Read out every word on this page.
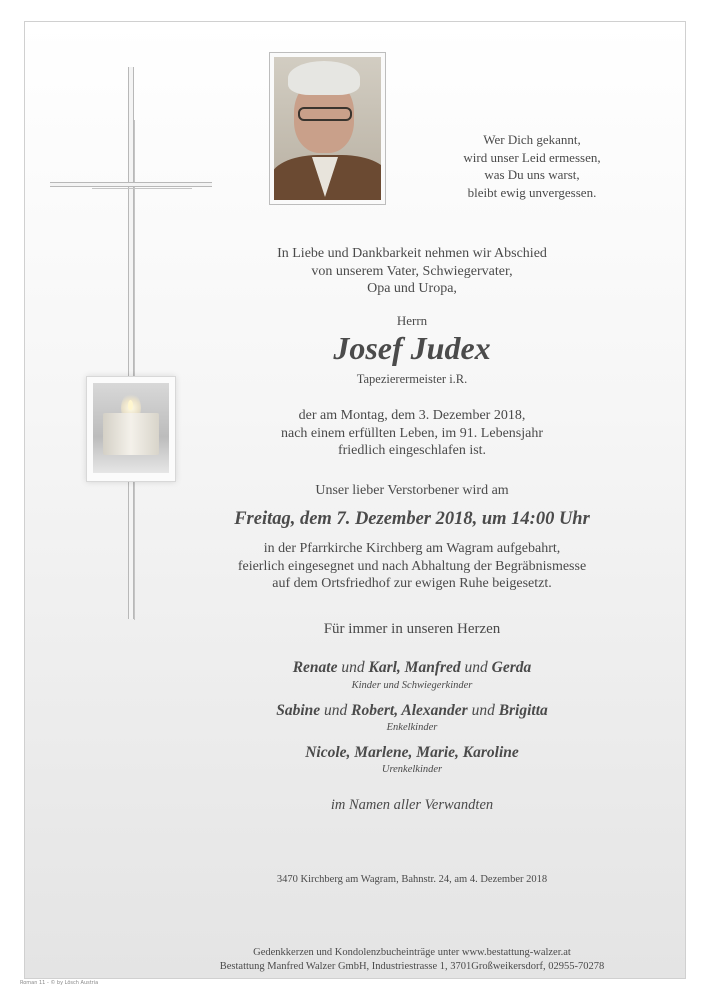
Wer Dich gekannt,
wird unser Leid ermessen,
was Du uns warst,
bleibt ewig unvergessen.
In Liebe und Dankbarkeit nehmen wir Abschied
von unserem Vater, Schwiegervater,
Opa und Uropa,
Herrn
Josef Judex
Tapezierermeister i.R.
der am Montag, dem 3. Dezember 2018,
nach einem erfüllten Leben, im 91. Lebensjahr
friedlich eingeschlafen ist.
Unser lieber Verstorbener wird am
Freitag, dem 7. Dezember 2018, um 14:00 Uhr
in der Pfarrkirche Kirchberg am Wagram aufgebahrt,
feierlich eingesegnet und nach Abhaltung der Begräbnismesse
auf dem Ortsfriedhof zur ewigen Ruhe beigesetzt.
Für immer in unseren Herzen
Renate und Karl, Manfred und Gerda
Kinder und Schwiegerkinder
Sabine und Robert, Alexander und Brigitta
Enkelkinder
Nicole, Marlene, Marie, Karoline
Urenkelkinder
im Namen aller Verwandten
3470 Kirchberg am Wagram, Bahnstr. 24, am 4. Dezember 2018
Gedenkkerzen und Kondolenzbucheinträge unter www.bestattung-walzer.at
Bestattung Manfred Walzer GmbH, Industriestrasse 1, 3701Großweikersdorf, 02955-70278
Roman 11 - © by Lösch Austria
